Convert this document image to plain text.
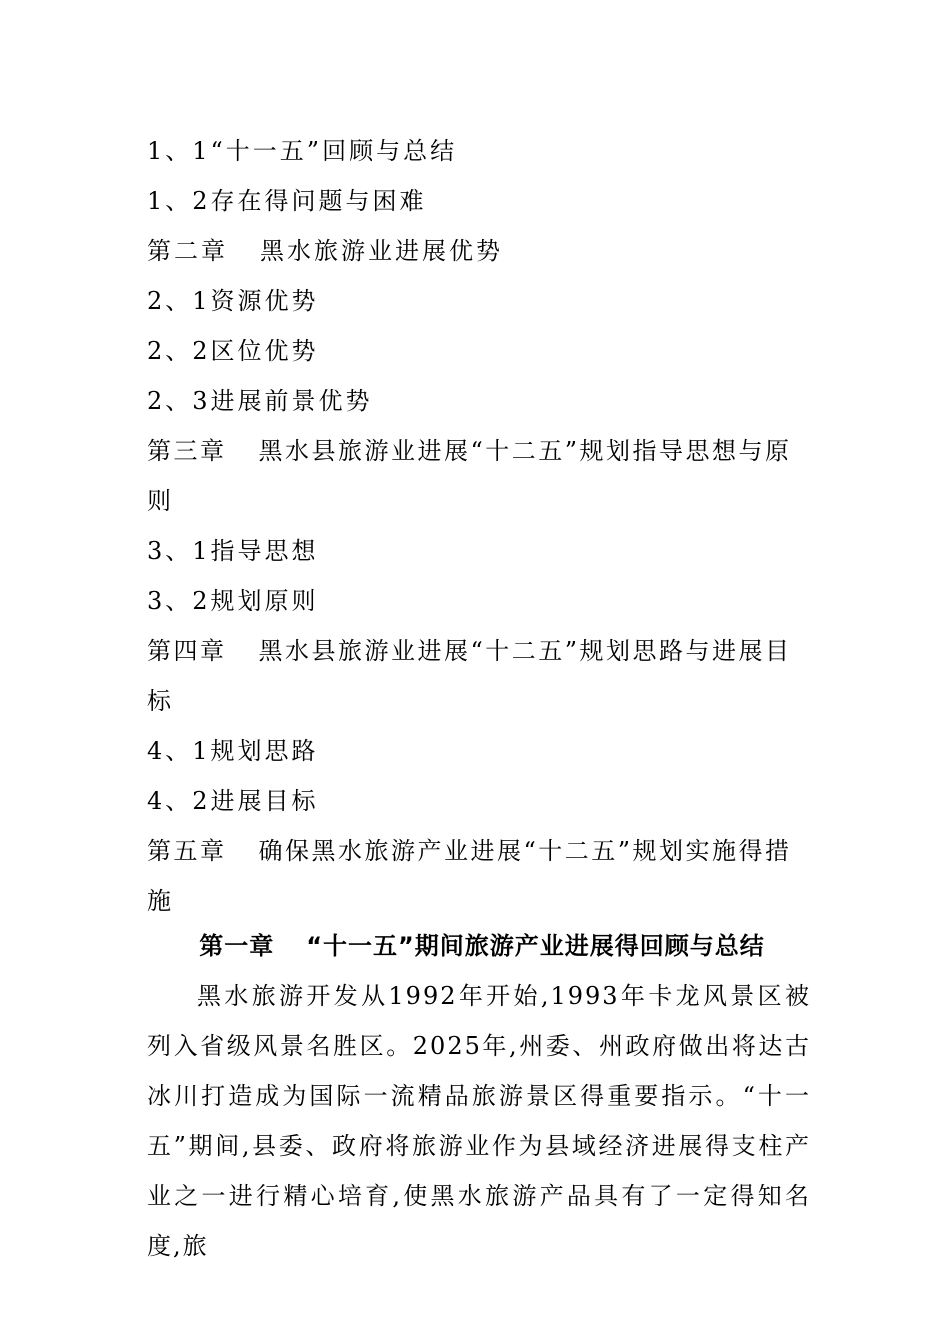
1、1“十一五”回顾与总结
1、2存在得问题与困难
第二章 黑水旅游业进展优势
2、1资源优势
2、2区位优势
2、3进展前景优势
第三章 黑水县旅游业进展“十二五”规划指导思想与原则
3、1指导思想
3、2规划原则
第四章 黑水县旅游业进展“十二五”规划思路与进展目标
4、1规划思路
4、2进展目标
第五章 确保黑水旅游产业进展“十二五”规划实施得措施
第一章 “十一五”期间旅游产业进展得回顾与总结
黑水旅游开发从1992年开始,1993年卡龙风景区被列入省级风景名胜区。2025年,州委、州政府做出将达古冰川打造成为国际一流精品旅游景区得重要指示。“十一五”期间,县委、政府将旅游业作为县域经济进展得支柱产业之一进行精心培育,使黑水旅游产品具有了一定得知名度,旅
